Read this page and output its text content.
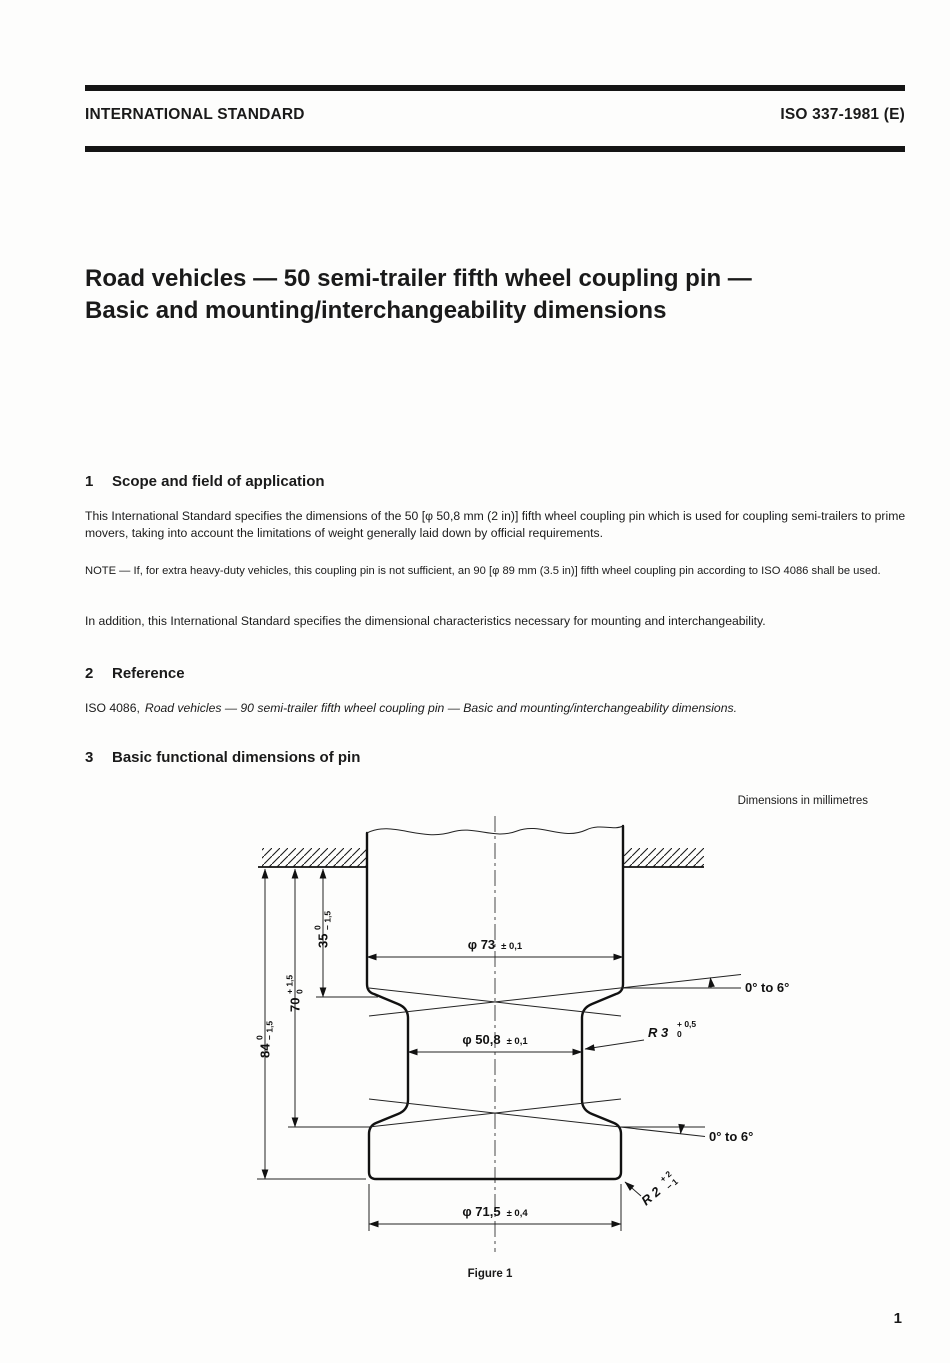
INTERNATIONAL STANDARD	ISO 337-1981 (E)
Road vehicles — 50 semi-trailer fifth wheel coupling pin —
Basic and mounting/interchangeability dimensions
1 Scope and field of application

This International Standard specifies the dimensions of the 50 [φ 50,8 mm (2 in)] fifth wheel coupling pin which is used for coupling semi-trailers to prime movers, taking into account the limitations of weight generally laid down by official requirements.

NOTE — If, for extra heavy-duty vehicles, this coupling pin is not sufficient, an 90 [φ 89 mm (3.5 in)] fifth wheel coupling pin according to ISO 4086 shall be used.

In addition, this International Standard specifies the dimensional characteristics necessary for mounting and interchangeability.

2 Reference

ISO 4086, Road vehicles — 90 semi-trailer fifth wheel coupling pin — Basic and mounting/interchangeability dimensions.

3 Basic functional dimensions of pin
Dimensions in millimetres
0° to 6°
0° to 6°
φ 73 ± 0,1
φ 50,8 ± 0,1
φ 71,5 ± 0,4
84
0 − 1,5
70
+ 1,5 0
35
0 − 1,5
R 3
+ 0,5
0
R 2
+ 2
− 1
Figure 1
1
